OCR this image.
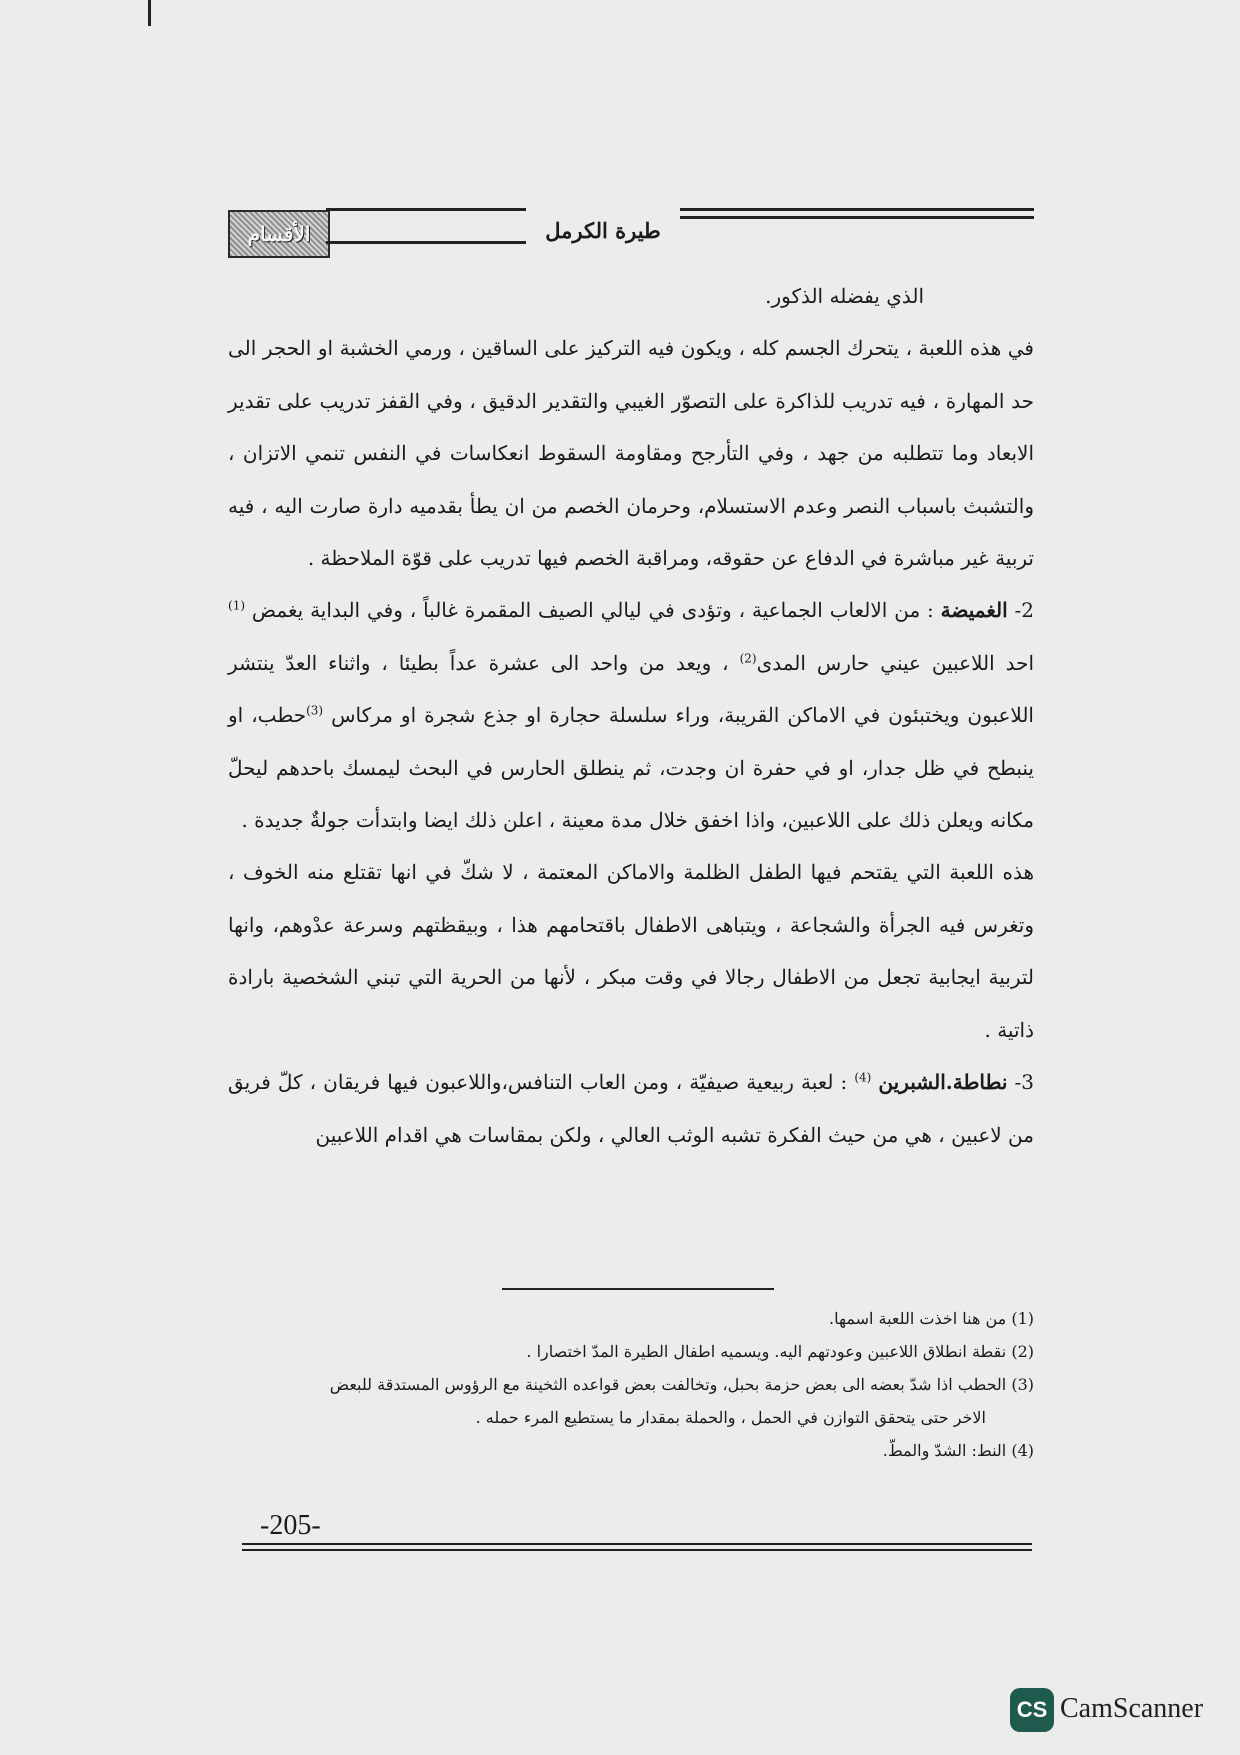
الأقسام	طيرة الكرمل

الذي يفضله الذكور.

في هذه اللعبة ، يتحرك الجسم كله ، ويكون فيه التركيز على الساقين ، ورمي الخشبة او الحجر الى حد المهارة ، فيه تدريب للذاكرة على التصوّر الغيبي والتقدير الدقيق ، وفي القفز تدريب على تقدير الابعاد وما تتطلبه من جهد ، وفي التأرجح ومقاومة السقوط انعكاسات في النفس تنمي الاتزان ، والتشبث باسباب النصر وعدم الاستسلام، وحرمان الخصم من ان يطأ بقدميه دارة صارت اليه ، فيه تربية غير مباشرة في الدفاع عن حقوقه، ومراقبة الخصم فيها تدريب على قوّة الملاحظة .

2- الغميضة : من الالعاب الجماعية ، وتؤدى في ليالي الصيف المقمرة غالباً ، وفي البداية يغمض $^{(1)}$ احد اللاعبين عيني حارس المدى$^{(2)}$ ، ويعد من واحد الى عشرة عداً بطيئا ، واثناء العدّ ينتشر اللاعبون ويختبئون في الاماكن القريبة، وراء سلسلة حجارة او جذع شجرة او مركاس $^{(3)}$حطب، او ينبطح في ظل جدار، او في حفرة ان وجدت، ثم ينطلق الحارس في البحث ليمسك باحدهم ليحلّ مكانه ويعلن ذلك على اللاعبين، واذا اخفق خلال مدة معينة ، اعلن ذلك ايضا وابتدأت جولةٌ جديدة .

هذه اللعبة التي يقتحم فيها الطفل الظلمة والاماكن المعتمة ، لا شكّ في انها تقتلع منه الخوف ، وتغرس فيه الجرأة والشجاعة ، ويتباهى الاطفال باقتحامهم هذا ، وبيقظتهم وسرعة عدْوهم، وانها لتربية ايجابية تجعل من الاطفال رجالا في وقت مبكر ، لأنها من الحرية التي تبني الشخصية بارادة ذاتية .

3- نطاطة.الشبرين $^{(4)}$ : لعبة ربيعية صيفيّة ، ومن العاب التنافس،واللاعبون فيها فريقان ، كلّ فريق من لاعبين ، هي من حيث الفكرة تشبه الوثب العالي ، ولكن بمقاسات هي اقدام اللاعبين

(1) من هنا اخذت اللعبة اسمها.

(2) نقطة انطلاق اللاعبين وعودتهم اليه. ويسميه اطفال الطيرة المدّ اختصارا .

(3) الحطب اذا شدّ بعضه الى بعض حزمة بحبل، وتخالفت بعض قواعده الثخينة مع الرؤوس المستدقة للبعض

الاخر حتى يتحقق التوازن في الحمل ، والحملة بمقدار ما يستطيع المرء حمله .

(4) النط: الشدّ والمطّ.

-205-
CS CamScanner
